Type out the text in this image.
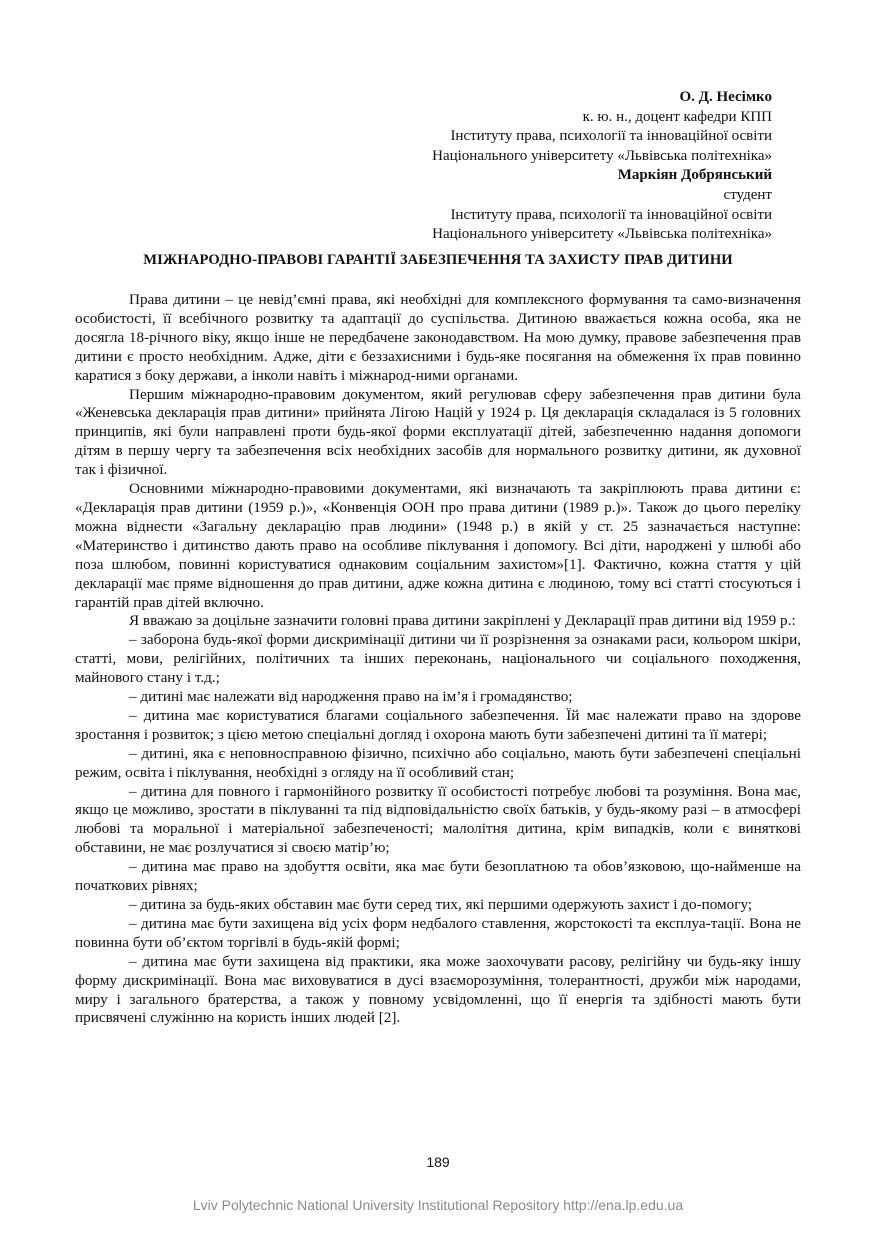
О. Д. Несімко
к. ю. н., доцент кафедри КПП
Інституту права, психології та інноваційної освіти
Національного університету «Львівська політехніка»
Маркіян Добрянський
студент
Інституту права, психології та інноваційної освіти
Національного університету «Львівська політехніка»
МІЖНАРОДНО-ПРАВОВІ ГАРАНТІЇ ЗАБЕЗПЕЧЕННЯ ТА ЗАХИСТУ ПРАВ ДИТИНИ

Права дитини – це невід’ємні права, які необхідні для комплексного формування та само-визначення особистості, її всебічного розвитку та адаптації до суспільства. Дитиною вважається кожна особа, яка не досягла 18-річного віку, якщо інше не передбачене законодавством. На мою думку, правове забезпечення прав дитини є просто необхідним. Адже, діти є беззахисними і будь-яке посягання на обмеження їх прав повинно каратися з боку держави, а інколи навіть і міжнарод-ними органами.

Першим міжнародно-правовим документом, який регулював сферу забезпечення прав дитини була «Женевська декларація прав дитини» прийнята Лігою Націй у 1924 р. Ця декларація складалася із 5 головних принципів, які були направлені проти будь-якої форми експлуатації дітей, забезпеченню надання допомоги дітям в першу чергу та забезпечення всіх необхідних засобів для нормального розвитку дитини, як духовної так і фізичної.

Основними міжнародно-правовими документами, які визначають та закріплюють права дитини є: «Декларація прав дитини (1959 р.)», «Конвенція ООН про права дитини (1989 р.)». Також до цього переліку можна віднести «Загальну декларацію прав людини» (1948 р.) в якій у ст. 25 зазначається наступне: «Материнство і дитинство дають право на особливе піклування і допомогу. Всі діти, народжені у шлюбі або поза шлюбом, повинні користуватися однаковим соціальним захистом»[1]. Фактично, кожна стаття у цій декларації має пряме відношення до прав дитини, адже кожна дитина є людиною, тому всі статті стосуються і гарантій прав дітей включно.

Я вважаю за доцільне зазначити головні права дитини закріплені у Декларації прав дитини від 1959 р.:

– заборона будь-якої форми дискримінації дитини чи її розрізнення за ознаками раси, кольором шкіри, статті, мови, релігійних, політичних та інших переконань, національного чи соціального походження, майнового стану і т.д.;

– дитині має належати від народження право на ім’я і громадянство;

– дитина має користуватися благами соціального забезпечення. Їй має належати право на здорове зростання і розвиток; з цією метою спеціальні догляд і охорона мають бути забезпечені дитині та її матері;

– дитині, яка є неповносправною фізично, психічно або соціально, мають бути забезпечені спеціальні режим, освіта і піклування, необхідні з огляду на її особливий стан;

– дитина для повного і гармонійного розвитку її особистості потребує любові та розуміння. Вона має, якщо це можливо, зростати в піклуванні та під відповідальністю своїх батьків, у будь-якому разі – в атмосфері любові та моральної і матеріальної забезпеченості; малолітня дитина, крім випадків, коли є виняткові обставини, не має розлучатися зі своєю матір’ю;

– дитина має право на здобуття освіти, яка має бути безоплатною та обов’язковою, що-найменше на початкових рівнях;

– дитина за будь-яких обставин має бути серед тих, які першими одержують захист і до-помогу;

– дитина має бути захищена від усіх форм недбалого ставлення, жорстокості та експлуа-тації. Вона не повинна бути об’єктом торгівлі в будь-якій формі;

– дитина має бути захищена від практики, яка може заохочувати расову, релігійну чи будь-яку іншу форму дискримінації. Вона має виховуватися в дусі взаєморозуміння, толерантності, дружби між народами, миру і загального братерства, а також у повному усвідомленні, що її енергія та здібності мають бути присвячені служінню на користь інших людей [2].

189
Lviv Polytechnic National University Institutional Repository http://ena.lp.edu.ua
